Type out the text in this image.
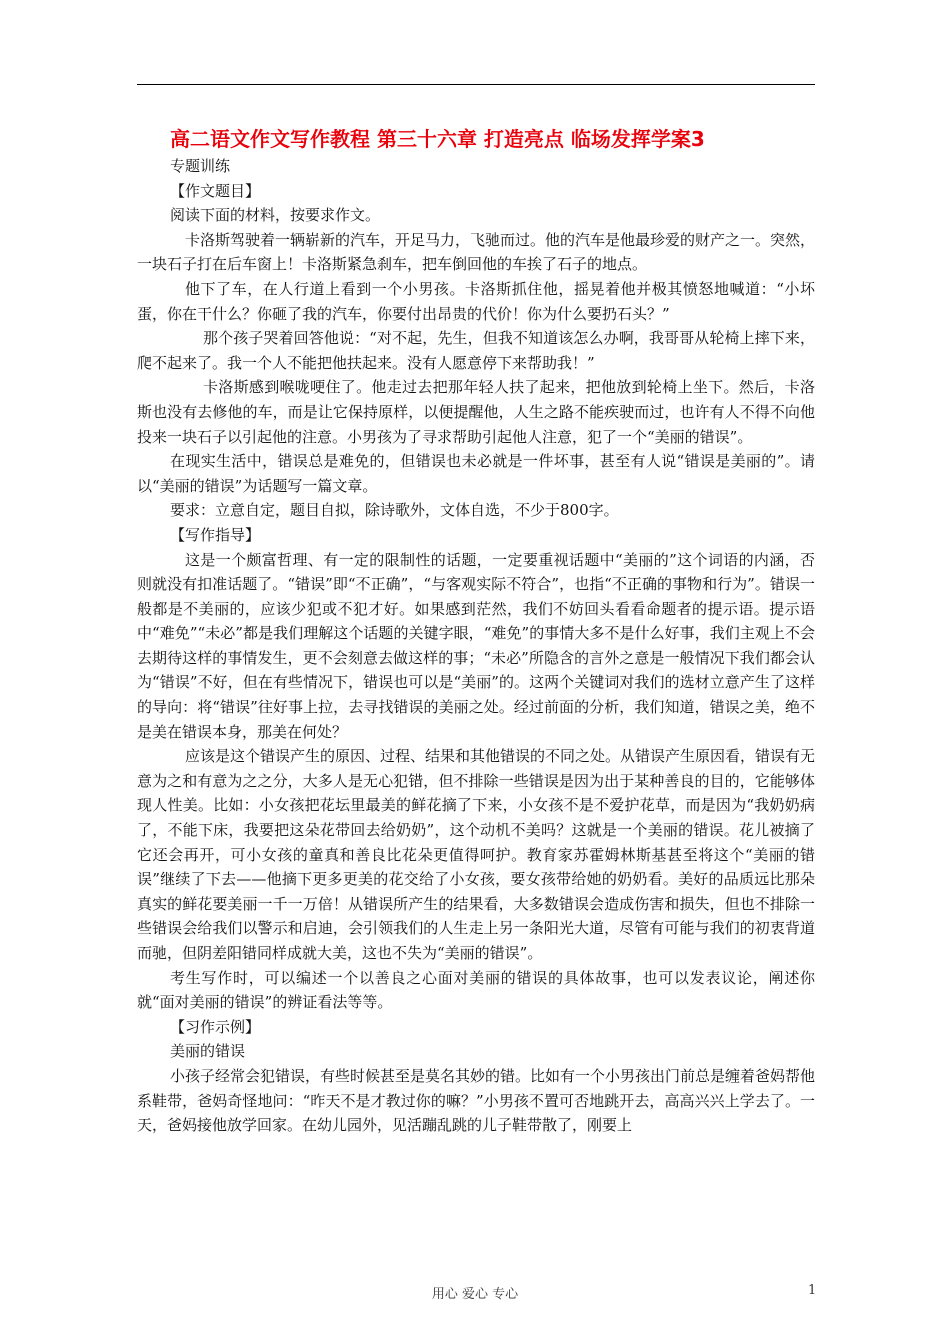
高二语文作文写作教程 第三十六章 打造亮点 临场发挥学案3

专题训练

【作文题目】

阅读下面的材料，按要求作文。

卡洛斯驾驶着一辆崭新的汽车，开足马力，飞驰而过。他的汽车是他最珍爱的财产之一。突然，一块石子打在后车窗上！卡洛斯紧急刹车，把车倒回他的车挨了石子的地点。

他下了车，在人行道上看到一个小男孩。卡洛斯抓住他，摇晃着他并极其愤怒地喊道：“小坏蛋，你在干什么？你砸了我的汽车，你要付出昂贵的代价！你为什么要扔石头？”

那个孩子哭着回答他说：“对不起，先生，但我不知道该怎么办啊，我哥哥从轮椅上摔下来，爬不起来了。我一个人不能把他扶起来。没有人愿意停下来帮助我！”

卡洛斯感到喉咙哽住了。他走过去把那年轻人扶了起来，把他放到轮椅上坐下。然后，卡洛斯也没有去修他的车，而是让它保持原样，以便提醒他，人生之路不能疾驶而过，也许有人不得不向他投来一块石子以引起他的注意。小男孩为了寻求帮助引起他人注意，犯了一个“美丽的错误”。

在现实生活中，错误总是难免的，但错误也未必就是一件坏事，甚至有人说“错误是美丽的”。请以“美丽的错误”为话题写一篇文章。

要求：立意自定，题目自拟，除诗歌外，文体自选，不少于800字。

【写作指导】

这是一个颇富哲理、有一定的限制性的话题，一定要重视话题中“美丽的”这个词语的内涵，否则就没有扣准话题了。“错误”即“不正确”，“与客观实际不符合”，也指“不正确的事物和行为”。错误一般都是不美丽的，应该少犯或不犯才好。如果感到茫然，我们不妨回头看看命题者的提示语。提示语中“难免”“未必”都是我们理解这个话题的关键字眼，“难免”的事情大多不是什么好事，我们主观上不会去期待这样的事情发生，更不会刻意去做这样的事；“未必”所隐含的言外之意是一般情况下我们都会认为“错误”不好，但在有些情况下，错误也可以是“美丽”的。这两个关键词对我们的选材立意产生了这样的导向：将“错误”往好事上拉，去寻找错误的美丽之处。经过前面的分析，我们知道，错误之美，绝不是美在错误本身，那美在何处？

应该是这个错误产生的原因、过程、结果和其他错误的不同之处。从错误产生原因看，错误有无意为之和有意为之之分，大多人是无心犯错，但不排除一些错误是因为出于某种善良的目的，它能够体现人性美。比如：小女孩把花坛里最美的鲜花摘了下来，小女孩不是不爱护花草，而是因为“我奶奶病了，不能下床，我要把这朵花带回去给奶奶”，这个动机不美吗？这就是一个美丽的错误。花儿被摘了它还会再开，可小女孩的童真和善良比花朵更值得呵护。教育家苏霍姆林斯基甚至将这个“美丽的错误”继续了下去——他摘下更多更美的花交给了小女孩，要女孩带给她的奶奶看。美好的品质远比那朵真实的鲜花要美丽一千一万倍！从错误所产生的结果看，大多数错误会造成伤害和损失，但也不排除一些错误会给我们以警示和启迪，会引领我们的人生走上另一条阳光大道，尽管有可能与我们的初衷背道而驰，但阴差阳错同样成就大美，这也不失为“美丽的错误”。

考生写作时，可以编述一个以善良之心面对美丽的错误的具体故事，也可以发表议论，阐述你就“面对美丽的错误”的辨证看法等等。

【习作示例】

美丽的错误

小孩子经常会犯错误，有些时候甚至是莫名其妙的错。比如有一个小男孩出门前总是缠着爸妈帮他系鞋带，爸妈奇怪地问：“昨天不是才教过你的嘛？”小男孩不置可否地跳开去，高高兴兴上学去了。一天，爸妈接他放学回家。在幼儿园外，见活蹦乱跳的儿子鞋带散了，刚要上

用心 爱心 专心	1
